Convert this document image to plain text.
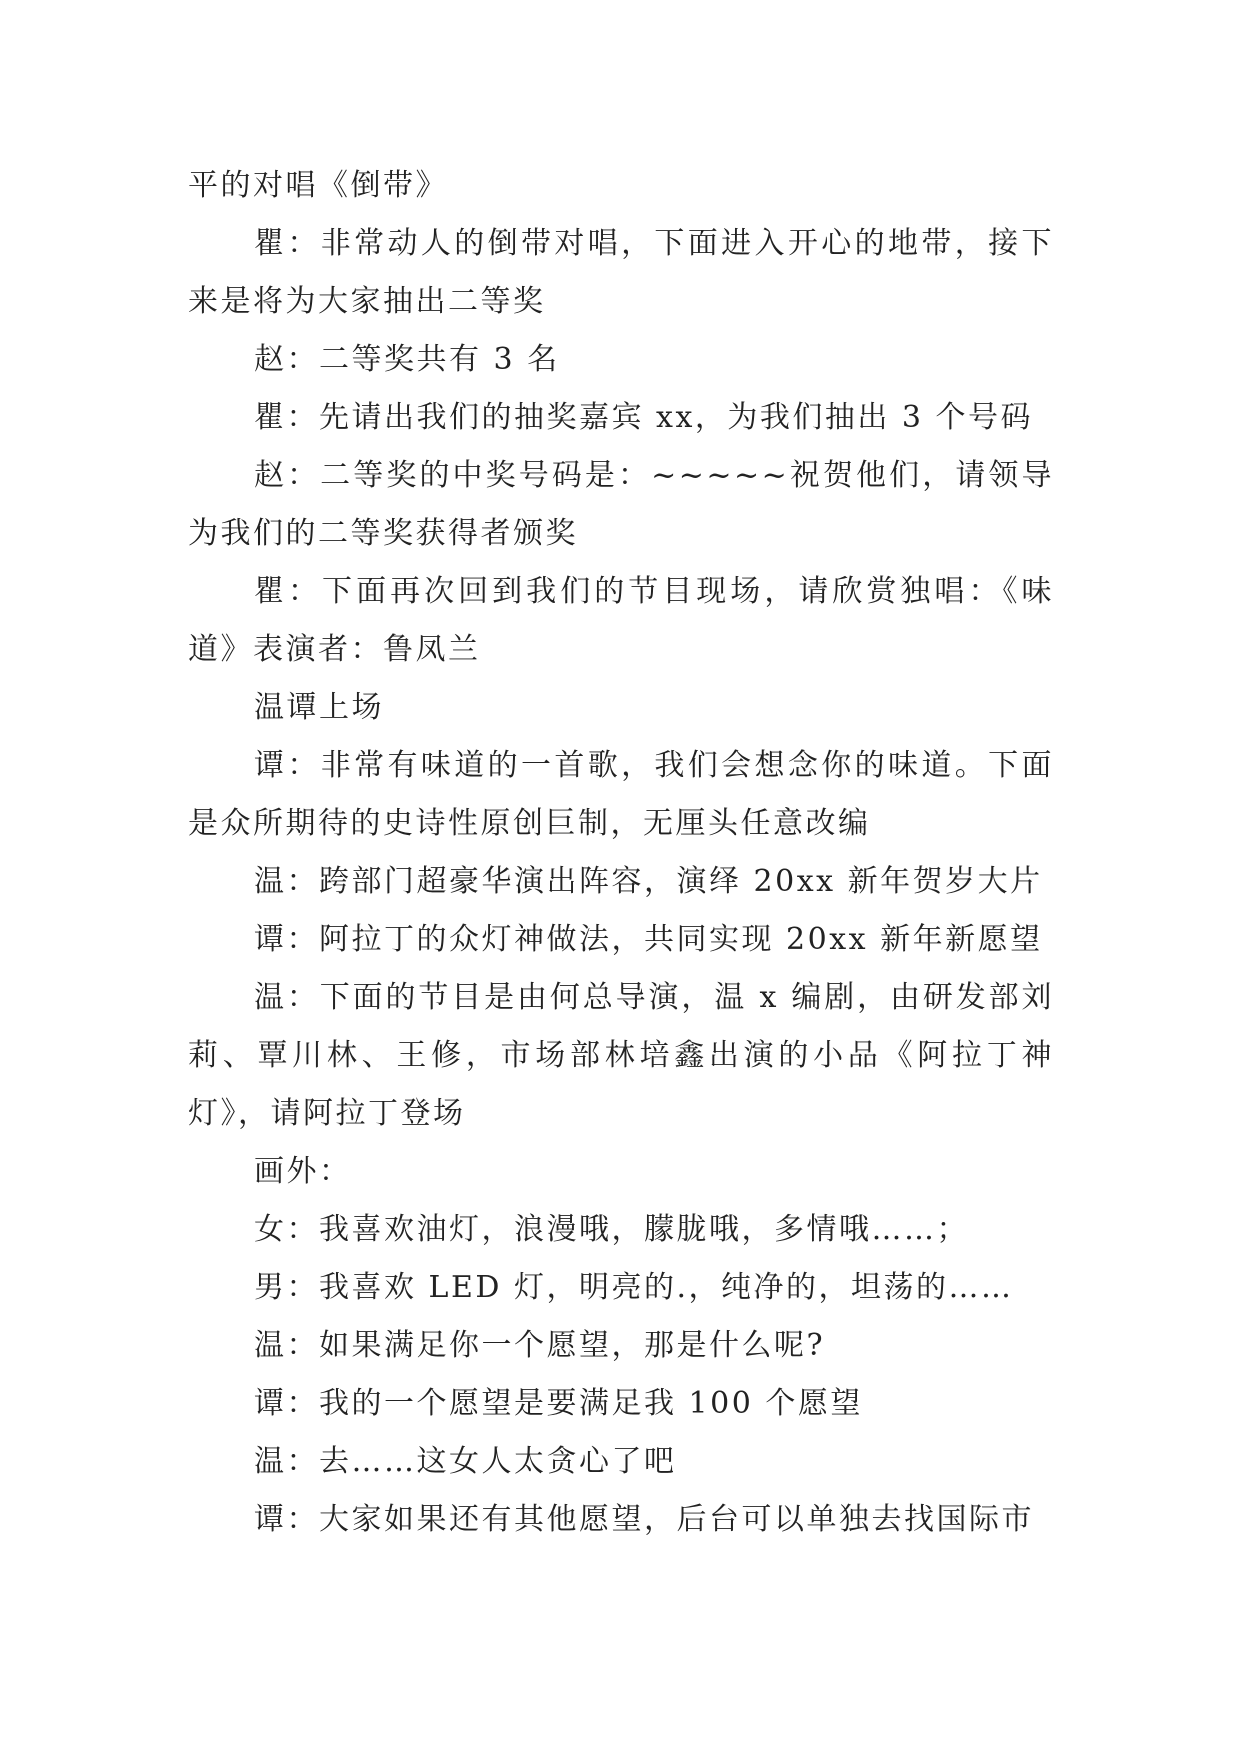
平的对唱《倒带》

瞿：非常动人的倒带对唱，下面进入开心的地带，接下来是将为大家抽出二等奖

赵：二等奖共有 3 名

瞿：先请出我们的抽奖嘉宾 xx，为我们抽出 3 个号码

赵：二等奖的中奖号码是：~~~~~祝贺他们，请领导为我们的二等奖获得者颁奖

瞿：下面再次回到我们的节目现场，请欣赏独唱：《味道》表演者：鲁凤兰

温谭上场

谭：非常有味道的一首歌，我们会想念你的味道。下面是众所期待的史诗性原创巨制，无厘头任意改编

温：跨部门超豪华演出阵容，演绎 20xx 新年贺岁大片

谭：阿拉丁的众灯神做法，共同实现 20xx 新年新愿望

温：下面的节目是由何总导演，温 x 编剧，由研发部刘莉、覃川林、王修，市场部林培鑫出演的小品《阿拉丁神灯》，请阿拉丁登场

画外：

女：我喜欢油灯，浪漫哦，朦胧哦，多情哦……；

男：我喜欢 LED 灯，明亮的.，纯净的，坦荡的……

温：如果满足你一个愿望，那是什么呢?

谭：我的一个愿望是要满足我 100 个愿望

温：去……这女人太贪心了吧

谭：大家如果还有其他愿望，后台可以单独去找国际市
